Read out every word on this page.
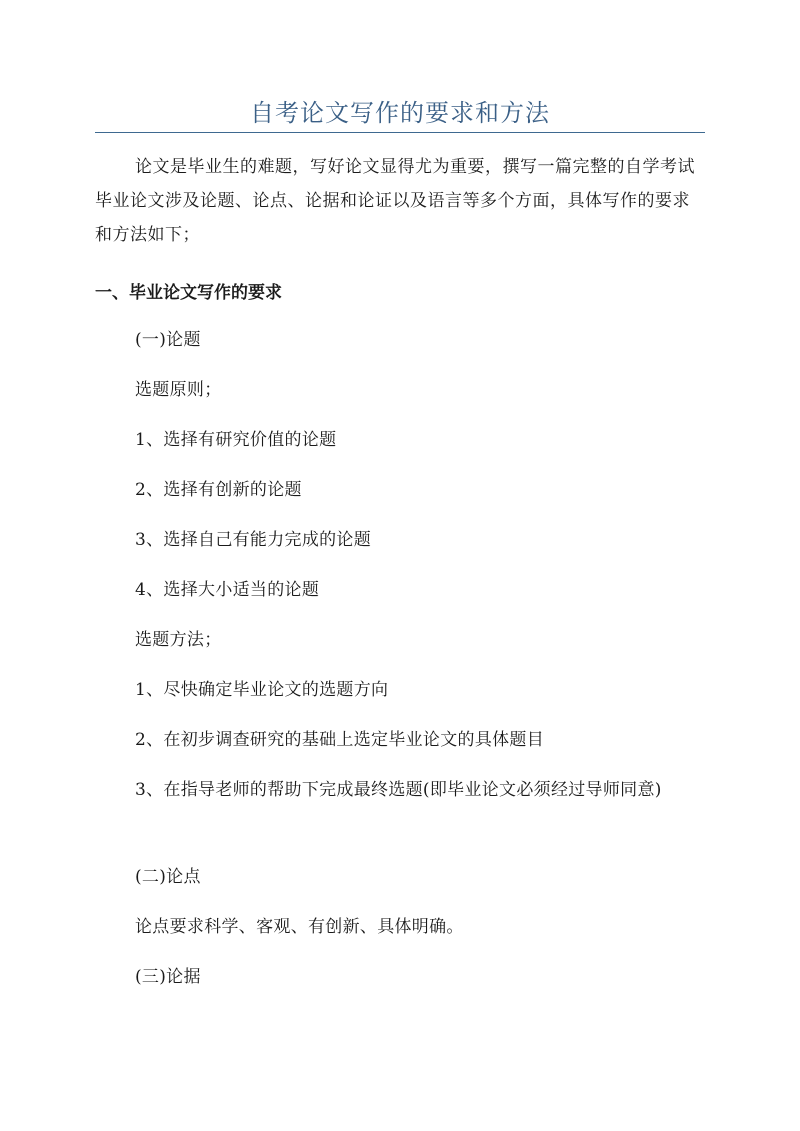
自考论文写作的要求和方法

论文是毕业生的难题，写好论文显得尤为重要，撰写一篇完整的自学考试毕业论文涉及论题、论点、论据和论证以及语言等多个方面，具体写作的要求和方法如下；

一、毕业论文写作的要求

(一)论题

选题原则；

1、选择有研究价值的论题

2、选择有创新的论题

3、选择自己有能力完成的论题

4、选择大小适当的论题

选题方法；

1、尽快确定毕业论文的选题方向

2、在初步调查研究的基础上选定毕业论文的具体题目

3、在指导老师的帮助下完成最终选题(即毕业论文必须经过导师同意)

(二)论点

论点要求科学、客观、有创新、具体明确。

(三)论据
